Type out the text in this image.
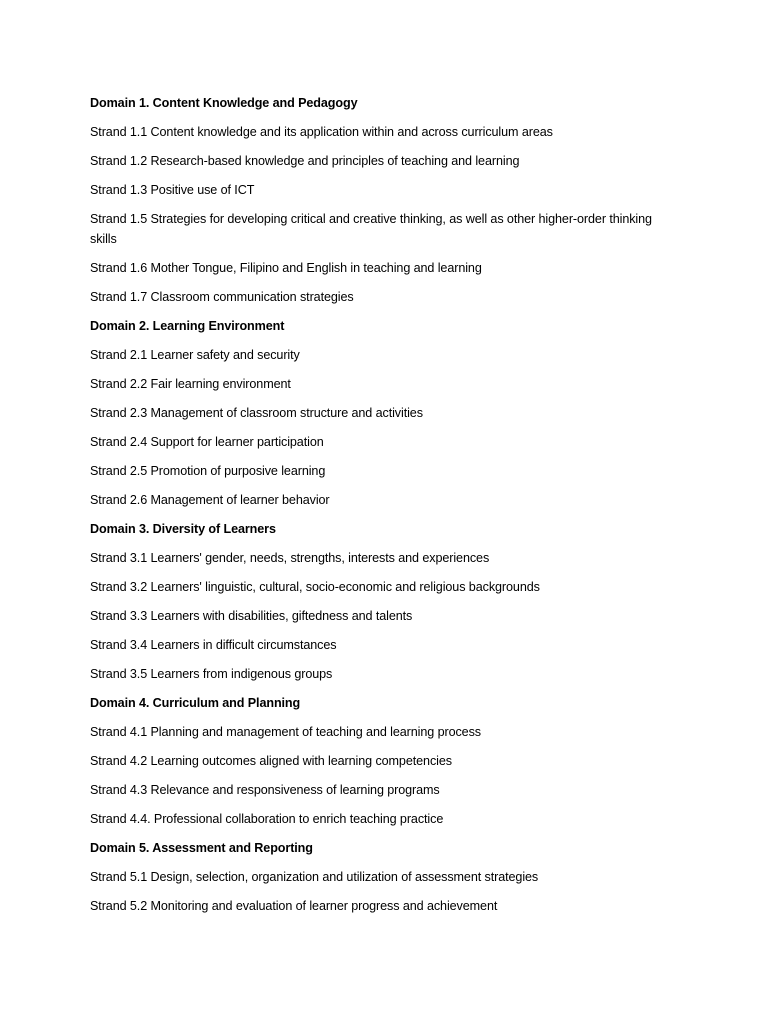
Domain 1. Content Knowledge and Pedagogy

Strand 1.1 Content knowledge and its application within and across curriculum areas

Strand 1.2 Research-based knowledge and principles of teaching and learning

Strand 1.3 Positive use of ICT

Strand 1.5 Strategies for developing critical and creative thinking, as well as other higher-order thinking skills

Strand 1.6 Mother Tongue, Filipino and English in teaching and learning

Strand 1.7 Classroom communication strategies

Domain 2. Learning Environment

Strand 2.1 Learner safety and security

Strand 2.2 Fair learning environment

Strand 2.3 Management of classroom structure and activities

Strand 2.4 Support for learner participation

Strand 2.5 Promotion of purposive learning

Strand 2.6 Management of learner behavior

Domain 3. Diversity of Learners

Strand 3.1 Learners' gender, needs, strengths, interests and experiences

Strand 3.2 Learners' linguistic, cultural, socio-economic and religious backgrounds

Strand 3.3 Learners with disabilities, giftedness and talents

Strand 3.4 Learners in difficult circumstances

Strand 3.5 Learners from indigenous groups

Domain 4. Curriculum and Planning

Strand 4.1 Planning and management of teaching and learning process

Strand 4.2 Learning outcomes aligned with learning competencies

Strand 4.3 Relevance and responsiveness of learning programs

Strand 4.4. Professional collaboration to enrich teaching practice

Domain 5. Assessment and Reporting

Strand 5.1 Design, selection, organization and utilization of assessment strategies

Strand 5.2 Monitoring and evaluation of learner progress and achievement
